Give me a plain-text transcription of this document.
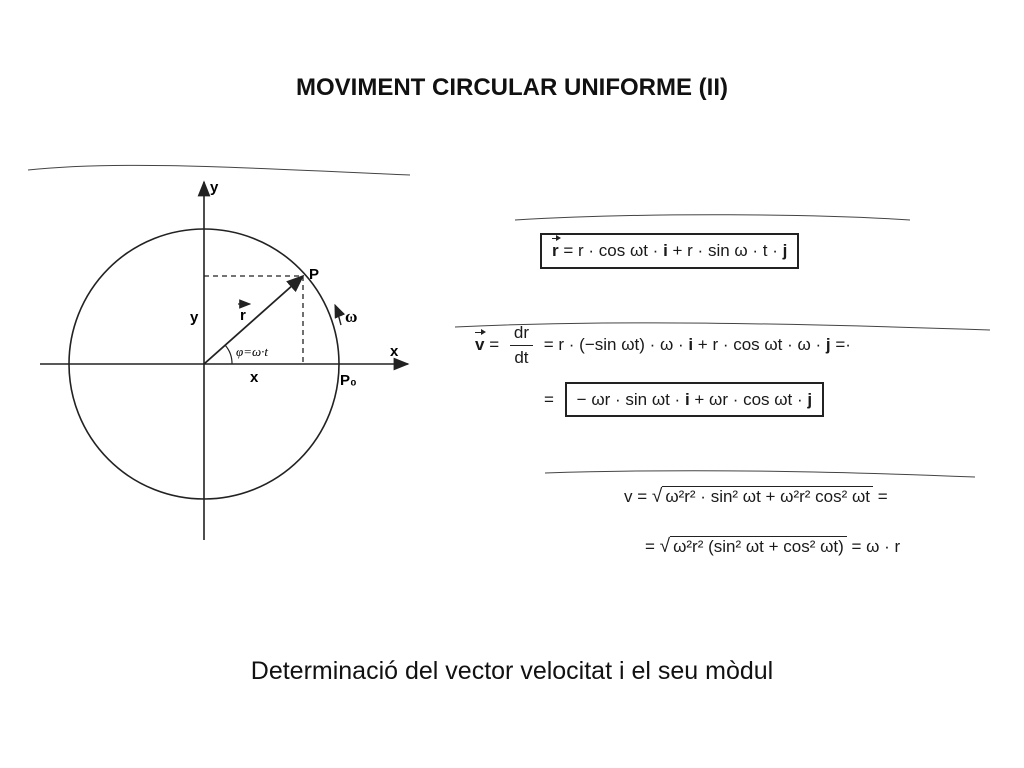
MOVIMENT CIRCULAR UNIFORME (II)
y
x
P
P₀
r
y
x
φ=ω·t
ω
r = r · cos ωt · i + r · sin ω · t · j
$v = \frac{dr}{dt} = r \cdot (-\sin$ ωt) · ω · i + r · cos ωt · ω · j =·
= − ωr · sin ωt · i + ωr · cos ωt · j
v = √ ω²r² · sin² ωt + ω²r² cos² ωt =
= √ ω²r² (sin² ωt + cos² ωt) = ω · r
Determinació del vector velocitat i el seu mòdul
